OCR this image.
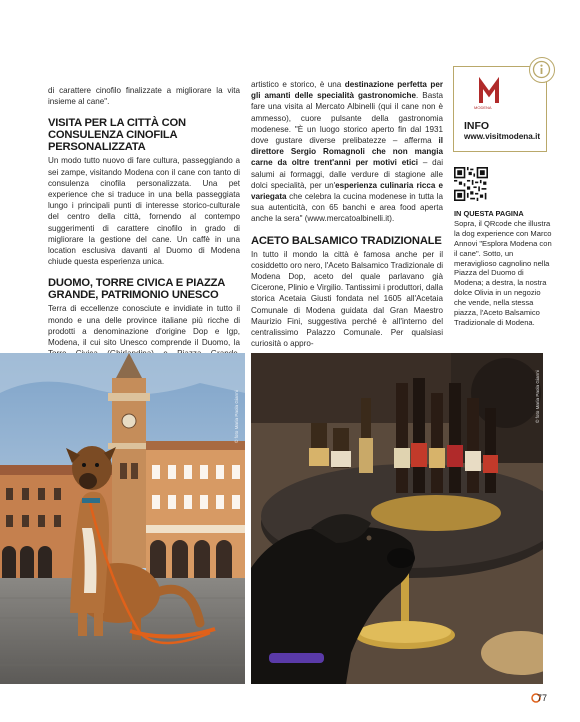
di carattere cinofilo finalizzate a migliorare la vita insieme al cane".

VISITA PER LA CITTÀ CON CONSULENZA CINOFILA PERSONALIZZATA

Un modo tutto nuovo di fare cultura, passeggiando a sei zampe, visitando Modena con il cane con tanto di consulenza cinofila personalizzata. Una pet experience che si traduce in una bella passeggiata lungo i principali punti di interesse storico-culturale del centro della città, fornendo al contempo suggerimenti di carattere cinofilo in grado di migliorare la gestione del cane. Un caffè in una location esclusiva davanti al Duomo di Modena chiude questa esperienza unica.

DUOMO, TORRE CIVICA E PIAZZA GRANDE, PATRIMONIO UNESCO

Terra di eccellenze conosciute e invidiate in tutto il mondo e una delle province italiane più ricche di prodotti a denominazione d'origine Dop e Igp, Modena, il cui sito Unesco comprende il Duomo, la

artistico e storico, è una destinazione perfetta per gli amanti delle specialità gastronomiche. Basta fare una visita al Mercato Albinelli (qui il cane non è ammesso), cuore pulsante della gastronomia modenese. "È un luogo storico aperto fin dal 1931 dove gustare diverse prelibatezze – afferma il direttore Sergio Romagnoli che non mangia carne da oltre trent'anni per motivi etici – dai salumi ai formaggi, dalle verdure di stagione alle dolci specialità, per un'esperienza culinaria ricca e variegata che celebra la cucina modenese in tutta la sua autenticità, con 65 banchi e area food aperta anche la sera" (www.mercatoalbinelli.it).

ACETO BALSAMICO TRADIZIONALE

In tutto il mondo la città è famosa anche per il cosiddetto oro nero, l'Aceto Balsamico Tradizionale di Modena Dop, aceto del quale parlavano già Cicerone, Plinio e Virgilio. Tantissimi i produttori, dalla storica Acetaia Giusti fondata nel 1605 all'Acetaia Comunale di Modena guidata dal Gran Maestro Maurizio Fini, suggestiva perché è all'interno del centralissimo Palazzo Comunale. Per qualsiasi curiosità o appro-

MODENA
INFO
www.visitmodena.it
IN QUESTA PAGINA
Sopra, il QRcode che illustra la dog experience con Marco Annovi "Esplora Modena con il cane". Sotto, un meraviglioso cagnolino nella Piazza del Duomo di Modena; a destra, la nostra dolce Olivia in un negozio che vende, nella stessa piazza, l'Aceto Balsamico Tradizionale di Modena.
© foto Maria Paola Gianni	© foto Maria Paola Gianni
77
